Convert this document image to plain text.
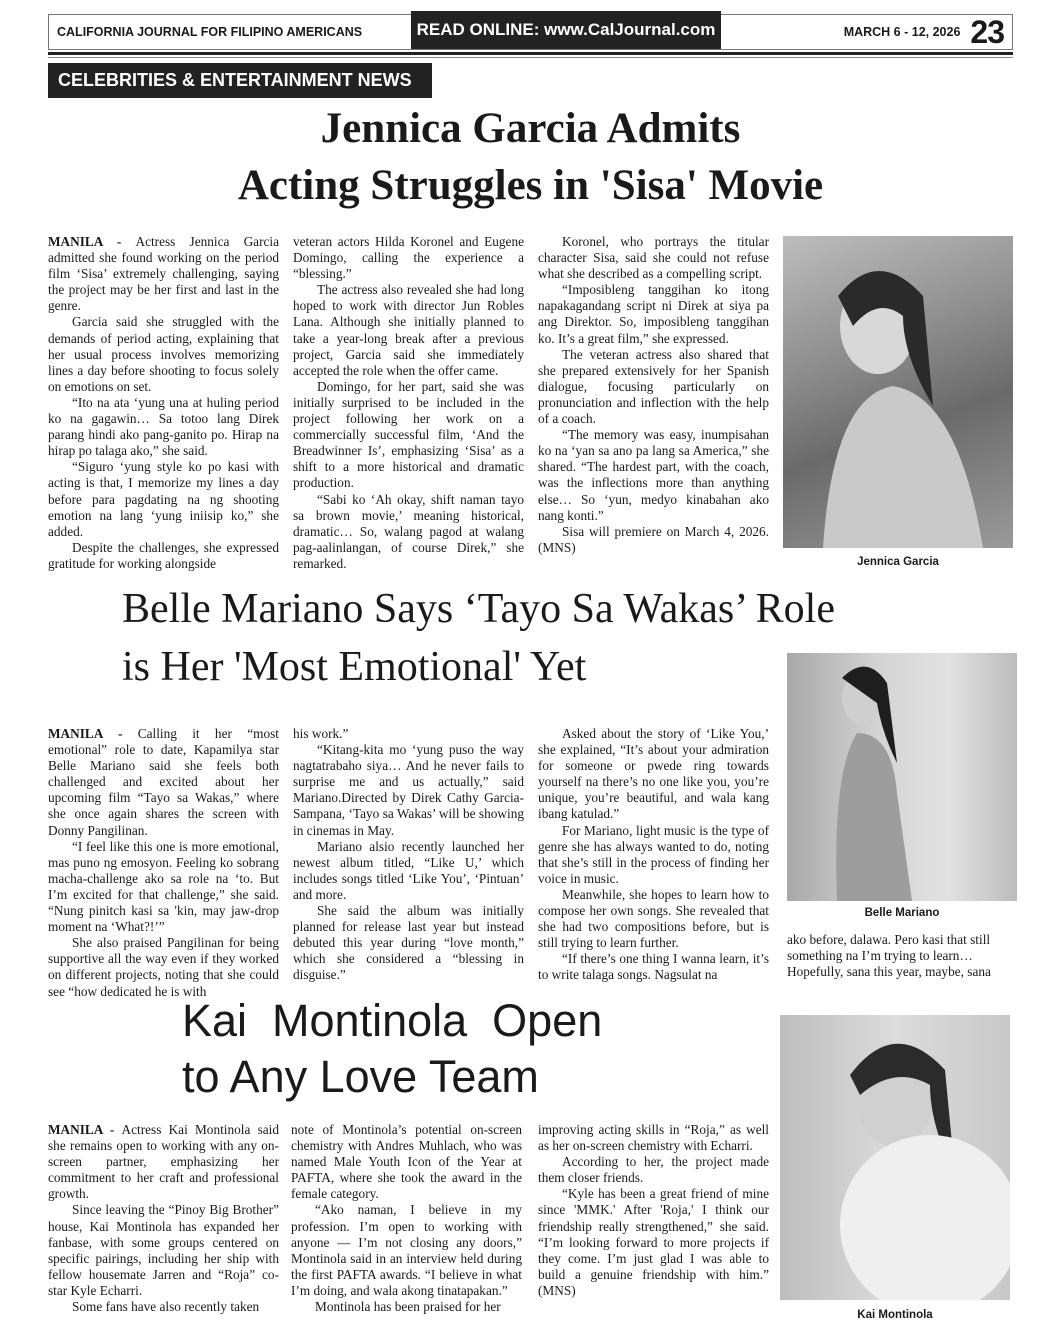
CALIFORNIA JOURNAL FOR FILIPINO AMERICANS	READ ONLINE: www.CalJournal.com	MARCH 6 - 12, 2026 23
CELEBRITIES & ENTERTAINMENT NEWS
Jennica Garcia Admits
Acting Struggles in 'Sisa' Movie

MANILA - Actress Jennica Garcia admitted she found working on the period film ‘Sisa’ extremely challenging, saying the project may be her first and last in the genre.

Garcia said she struggled with the demands of period acting, explaining that her usual process involves memorizing lines a day before shooting to focus solely on emotions on set.

“Ito na ata ‘yung una at huling period ko na gagawin… Sa totoo lang Direk parang hindi ako pang-ganito po. Hirap na hirap po talaga ako,” she said.

“Siguro ‘yung style ko po kasi with acting is that, I memorize my lines a day before para pagdating na ng shooting emotion na lang ‘yung iniisip ko,” she added.

Despite the challenges, she expressed gratitude for working alongside

veteran actors Hilda Koronel and Eugene Domingo, calling the experience a “blessing.”

The actress also revealed she had long hoped to work with director Jun Robles Lana. Although she initially planned to take a year-long break after a previous project, Garcia said she immediately accepted the role when the offer came.

Domingo, for her part, said she was initially surprised to be included in the project following her work on a commercially successful film, ‘And the Breadwinner Is’, emphasizing ‘Sisa’ as a shift to a more historical and dramatic production.

“Sabi ko ‘Ah okay, shift naman tayo sa brown movie,’ meaning historical, dramatic… So, walang pagod at walang pag-aalinlangan, of course Direk,” she remarked.

Koronel, who portrays the titular character Sisa, said she could not refuse what she described as a compelling script.

“Imposibleng tanggihan ko itong napakagandang script ni Direk at siya pa ang Direktor. So, imposibleng tanggihan ko. It’s a great film,” she expressed.

The veteran actress also shared that she prepared extensively for her Spanish dialogue, focusing particularly on pronunciation and inflection with the help of a coach.

“The memory was easy, inumpisahan ko na ‘yan sa ano pa lang sa America,” she shared. “The hardest part, with the coach, was the inflections more than anything else… So ‘yun, medyo kinabahan ako nang konti.”

Sisa will premiere on March 4, 2026. (MNS)

Jennica Garcia
Belle Mariano Says ‘Tayo Sa Wakas’ Role
is Her 'Most Emotional' Yet

MANILA - Calling it her “most emotional” role to date, Kapamilya star Belle Mariano said she feels both challenged and excited about her upcoming film “Tayo sa Wakas,” where she once again shares the screen with Donny Pangilinan.

“I feel like this one is more emotional, mas puno ng emosyon. Feeling ko sobrang macha-challenge ako sa role na ‘to. But I’m excited for that challenge,” she said. “Nung pinitch kasi sa 'kin, may jaw-drop moment na ‘What?!’”

She also praised Pangilinan for being supportive all the way even if they worked on different projects, noting that she could see “how dedicated he is with

his work.”

“Kitang-kita mo ‘yung puso the way nagtatrabaho siya… And he never fails to surprise me and us actually,” said Mariano.Directed by Direk Cathy Garcia-Sampana, ‘Tayo sa Wakas’ will be showing in cinemas in May.

Mariano alsio recently launched her newest album titled, “Like U,’ which includes songs titled ‘Like You’, ‘Pintuan’ and more.

She said the album was initially planned for release last year but instead debuted this year during “love month,” which she considered a “blessing in disguise.”

Asked about the story of ‘Like You,’ she explained, “It’s about your admiration for someone or pwede ring towards yourself na there’s no one like you, you’re unique, you’re beautiful, and wala kang ibang katulad.”

For Mariano, light music is the type of genre she has always wanted to do, noting that she’s still in the process of finding her voice in music.

Meanwhile, she hopes to learn how to compose her own songs. She revealed that she had two compositions before, but is still trying to learn further.

“If there’s one thing I wanna learn, it’s to write talaga songs. Nagsulat na

Belle Mariano

ako before, dalawa. Pero kasi that still something na I’m trying to learn… Hopefully, sana this year, maybe, sana

Kai  Montinola  Open
to Any Love Team

MANILA - Actress Kai Montinola said she remains open to working with any on-screen partner, emphasizing her commitment to her craft and professional growth.

Since leaving the “Pinoy Big Brother” house, Kai Montinola has expanded her fanbase, with some groups centered on specific pairings, including her ship with fellow housemate Jarren and “Roja” co-star Kyle Echarri.

Some fans have also recently taken

note of Montinola’s potential on-screen chemistry with Andres Muhlach, who was named Male Youth Icon of the Year at PAFTA, where she took the award in the female category.

“Ako naman, I believe in my profession. I’m open to working with anyone — I’m not closing any doors,” Montinola said in an interview held during the first PAFTA awards. “I believe in what I’m doing, and wala akong tinatapakan.”

Montinola has been praised for her

improving acting skills in “Roja,” as well as her on-screen chemistry with Echarri.

According to her, the project made them closer friends.

“Kyle has been a great friend of mine since 'MMK.' After 'Roja,' I think our friendship really strengthened,” she said. “I’m looking forward to more projects if they come. I’m just glad I was able to build a genuine friendship with him.” (MNS)

Kai Montinola
